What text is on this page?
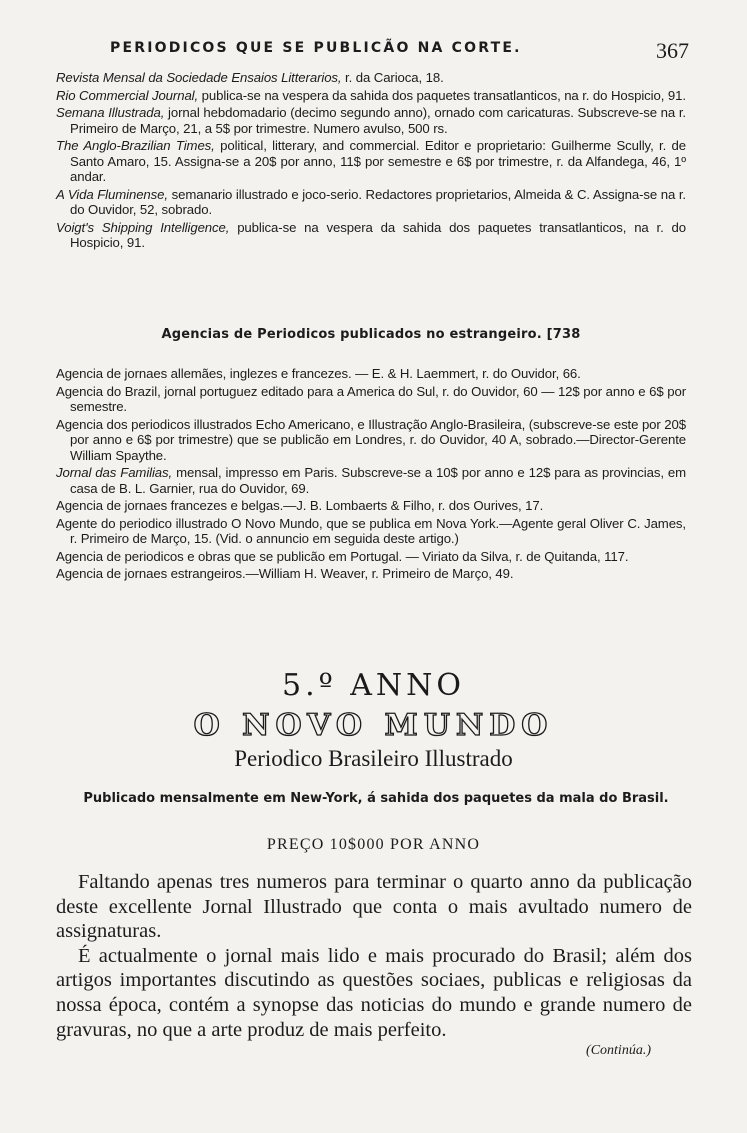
PERIODICOS QUE SE PUBLICÃO NA CORTE.	367
Revista Mensal da Sociedade Ensaios Litterarios, r. da Carioca, 18.
Rio Commercial Journal, publica-se na vespera da sahida dos paquetes transatlanticos, na r. do Hospicio, 91.
Semana Illustrada, jornal hebdomadario (decimo segundo anno), ornado com caricaturas. Subscreve-se na r. Primeiro de Março, 21, a 5$ por trimestre. Numero avulso, 500 rs.
The Anglo-Brazilian Times, political, litterary, and commercial. Editor e proprietario: Guilherme Scully, r. de Santo Amaro, 15. Assigna-se a 20$ por anno, 11$ por semestre e 6$ por trimestre, r. da Alfandega, 46, 1º andar.
A Vida Fluminense, semanario illustrado e joco-serio. Redactores proprietarios, Almeida & C. Assigna-se na r. do Ouvidor, 52, sobrado.
Voigt's Shipping Intelligence, publica-se na vespera da sahida dos paquetes transatlanticos, na r. do Hospicio, 91.
Agencias de Periodicos publicados no estrangeiro. [738
Agencia de jornaes allemães, inglezes e francezes. — E. & H. Laemmert, r. do Ouvidor, 66.
Agencia do Brazil, jornal portuguez editado para a America do Sul, r. do Ouvidor, 60 — 12$ por anno e 6$ por semestre.
Agencia dos periodicos illustrados Echo Americano, e Illustração Anglo-Brasileira, (subscreve-se este por 20$ por anno e 6$ por trimestre) que se publicão em Londres, r. do Ouvidor, 40 A, sobrado.—Director-Gerente William Spaythe.
Jornal das Familias, mensal, impresso em Paris. Subscreve-se a 10$ por anno e 12$ para as provincias, em casa de B. L. Garnier, rua do Ouvidor, 69.
Agencia de jornaes francezes e belgas.—J. B. Lombaerts & Filho, r. dos Ourives, 17.
Agente do periodico illustrado O Novo Mundo, que se publica em Nova York.—Agente geral Oliver C. James, r. Primeiro de Março, 15. (Vid. o annuncio em seguida deste artigo.)
Agencia de periodicos e obras que se publicão em Portugal. — Viriato da Silva, r. de Quitanda, 117.
Agencia de jornaes estrangeiros.—William H. Weaver, r. Primeiro de Março, 49.
5.º ANNO
O NOVO MUNDO
Periodico Brasileiro Illustrado
Publicado mensalmente em New-York, á sahida dos paquetes da mala do Brasil.
PREÇO 10$000 POR ANNO

Faltando apenas tres numeros para terminar o quarto anno da publicação deste excellente Jornal Illustrado que conta o mais avultado numero de assignaturas.

É actualmente o jornal mais lido e mais procurado do Brasil; além dos artigos importantes discutindo as questões sociaes, publicas e religiosas da nossa época, contém a synopse das noticias do mundo e grande numero de gravuras, no que a arte produz de mais perfeito.

(Continúa.)
